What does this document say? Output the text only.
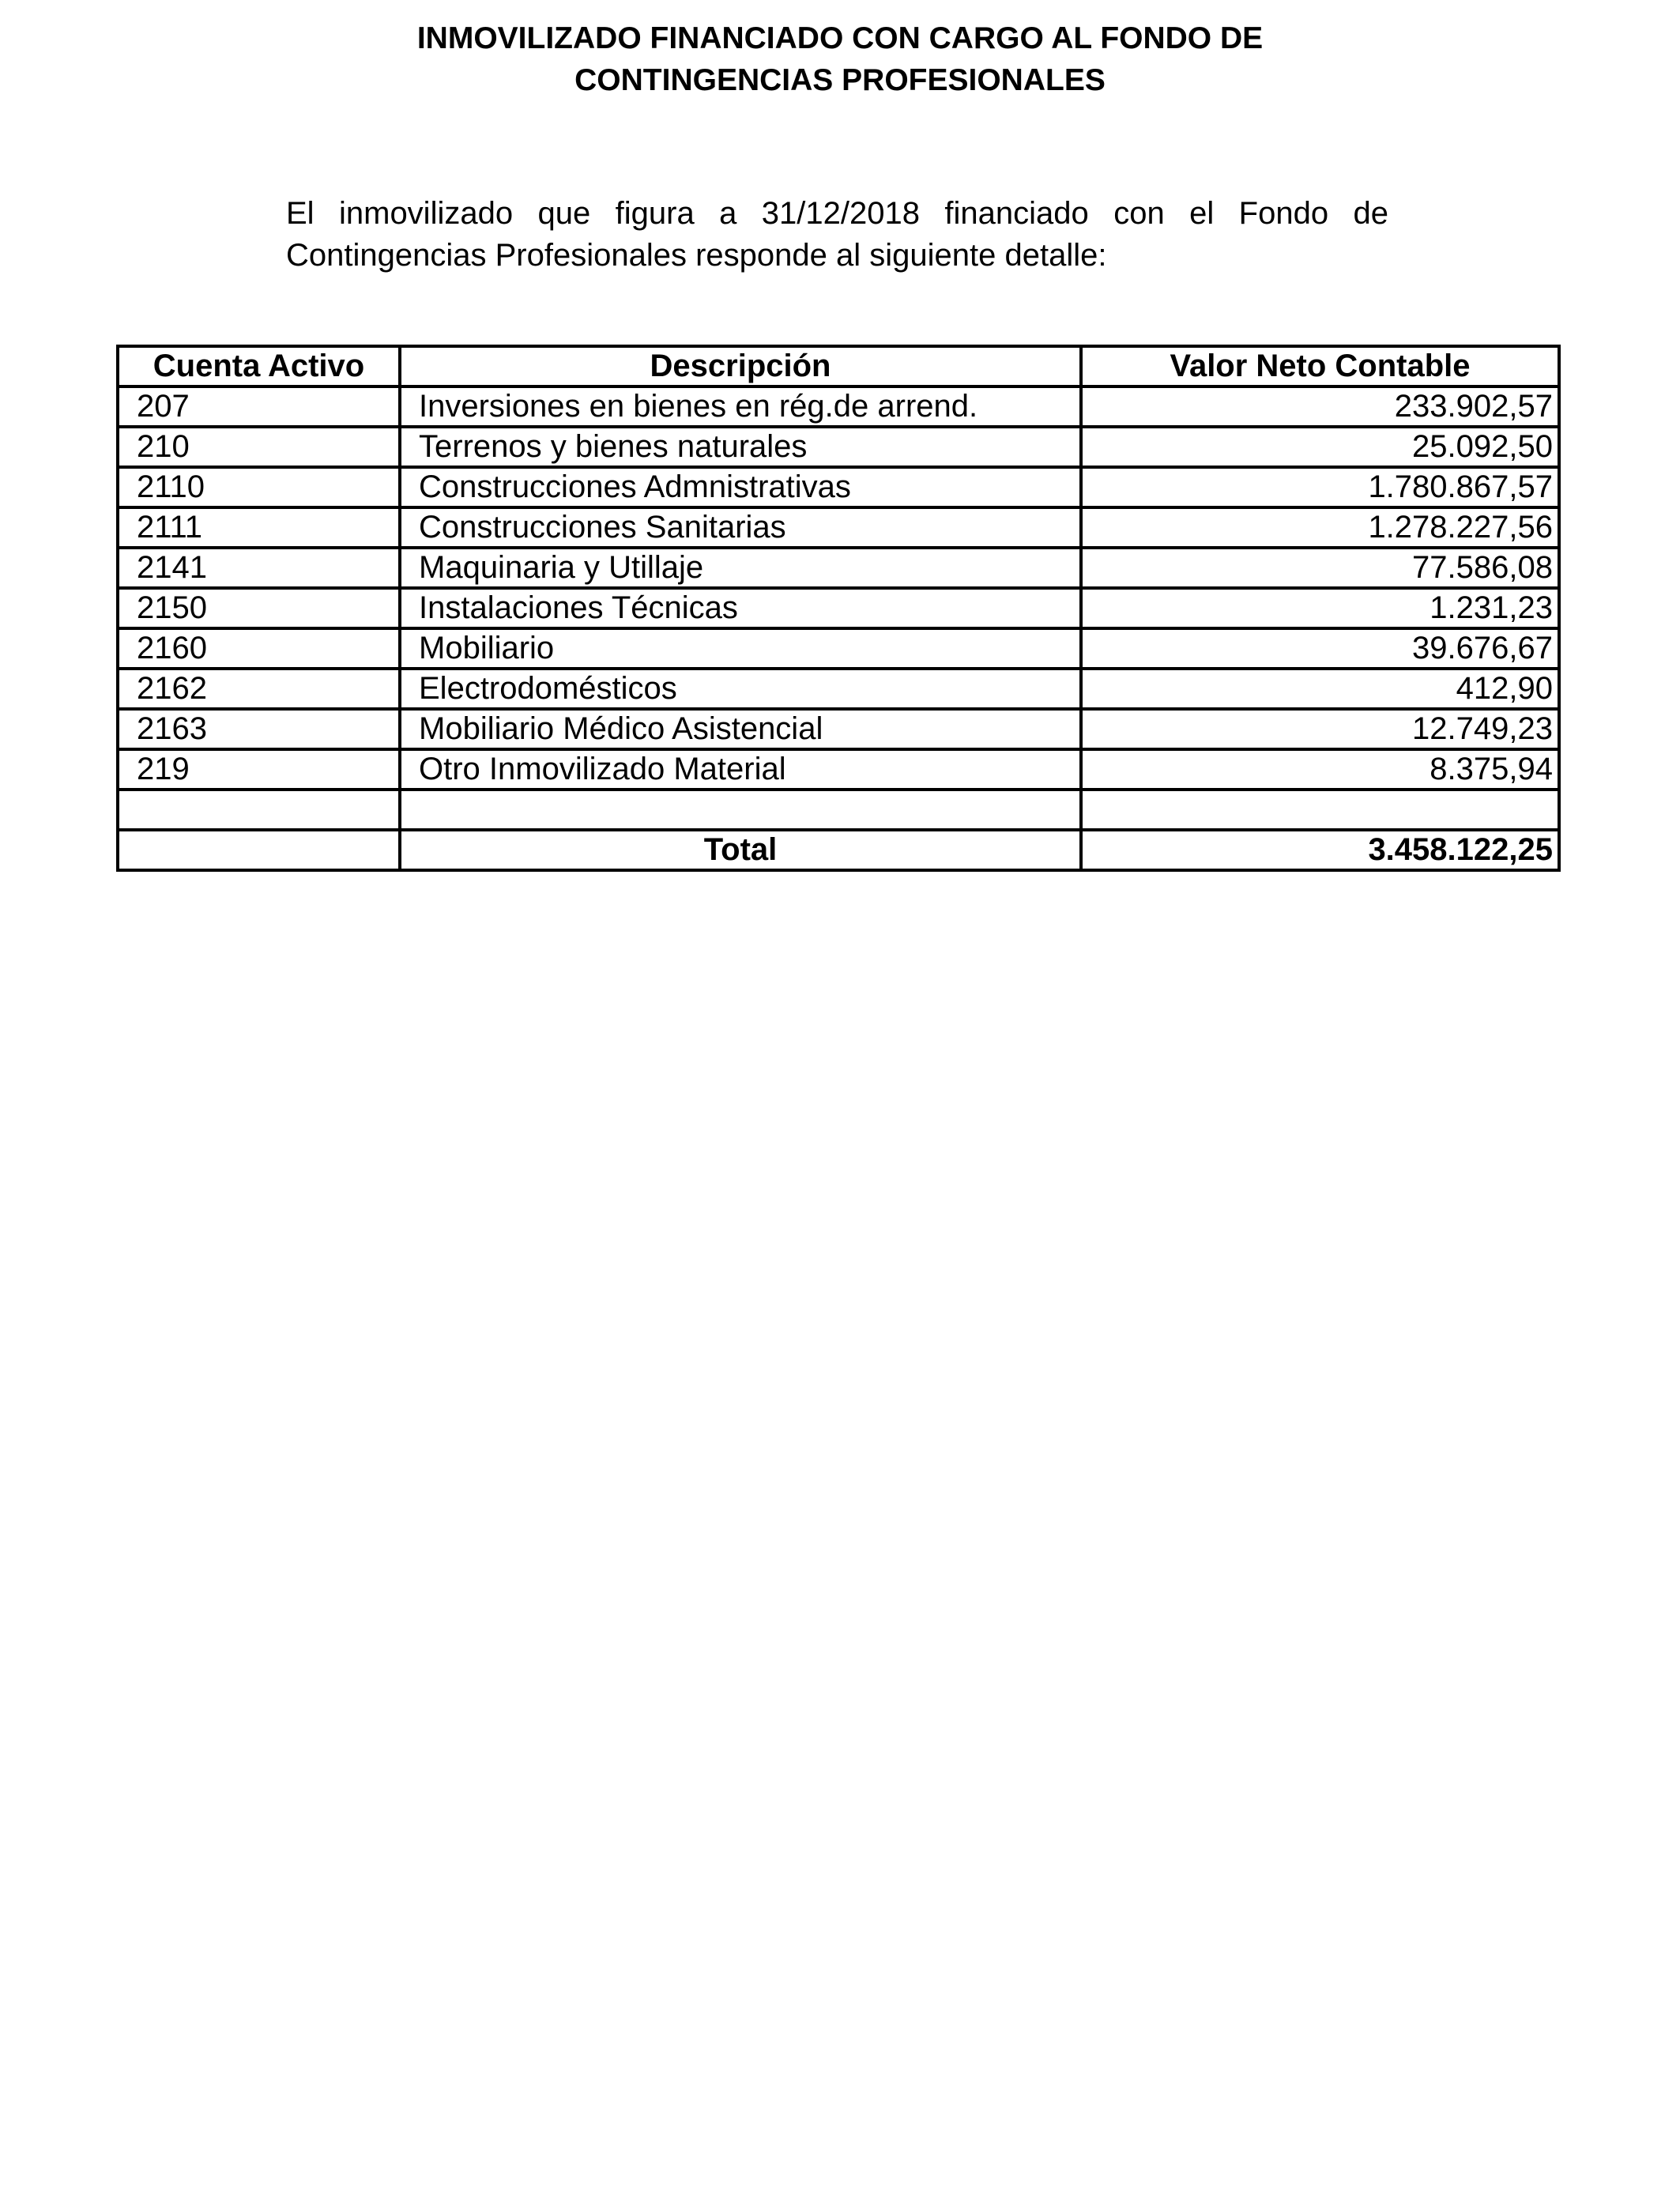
INMOVILIZADO FINANCIADO CON CARGO AL FONDO DE
CONTINGENCIAS PROFESIONALES
El inmovilizado que figura a 31/12/2018 financiado con el Fondo de Contingencias Profesionales responde al siguiente detalle:
Cuenta Activo	Descripción	Valor Neto Contable
207	Inversiones en bienes en rég.de arrend.	233.902,57
210	Terrenos y bienes naturales	25.092,50
2110	Construcciones Admnistrativas	1.780.867,57
2111	Construcciones Sanitarias	1.278.227,56
2141	Maquinaria y Utillaje	77.586,08
2150	Instalaciones Técnicas	1.231,23
2160	Mobiliario	39.676,67
2162	Electrodomésticos	412,90
2163	Mobiliario Médico Asistencial	12.749,23
219	Otro Inmovilizado Material	8.375,94

	Total	3.458.122,25
